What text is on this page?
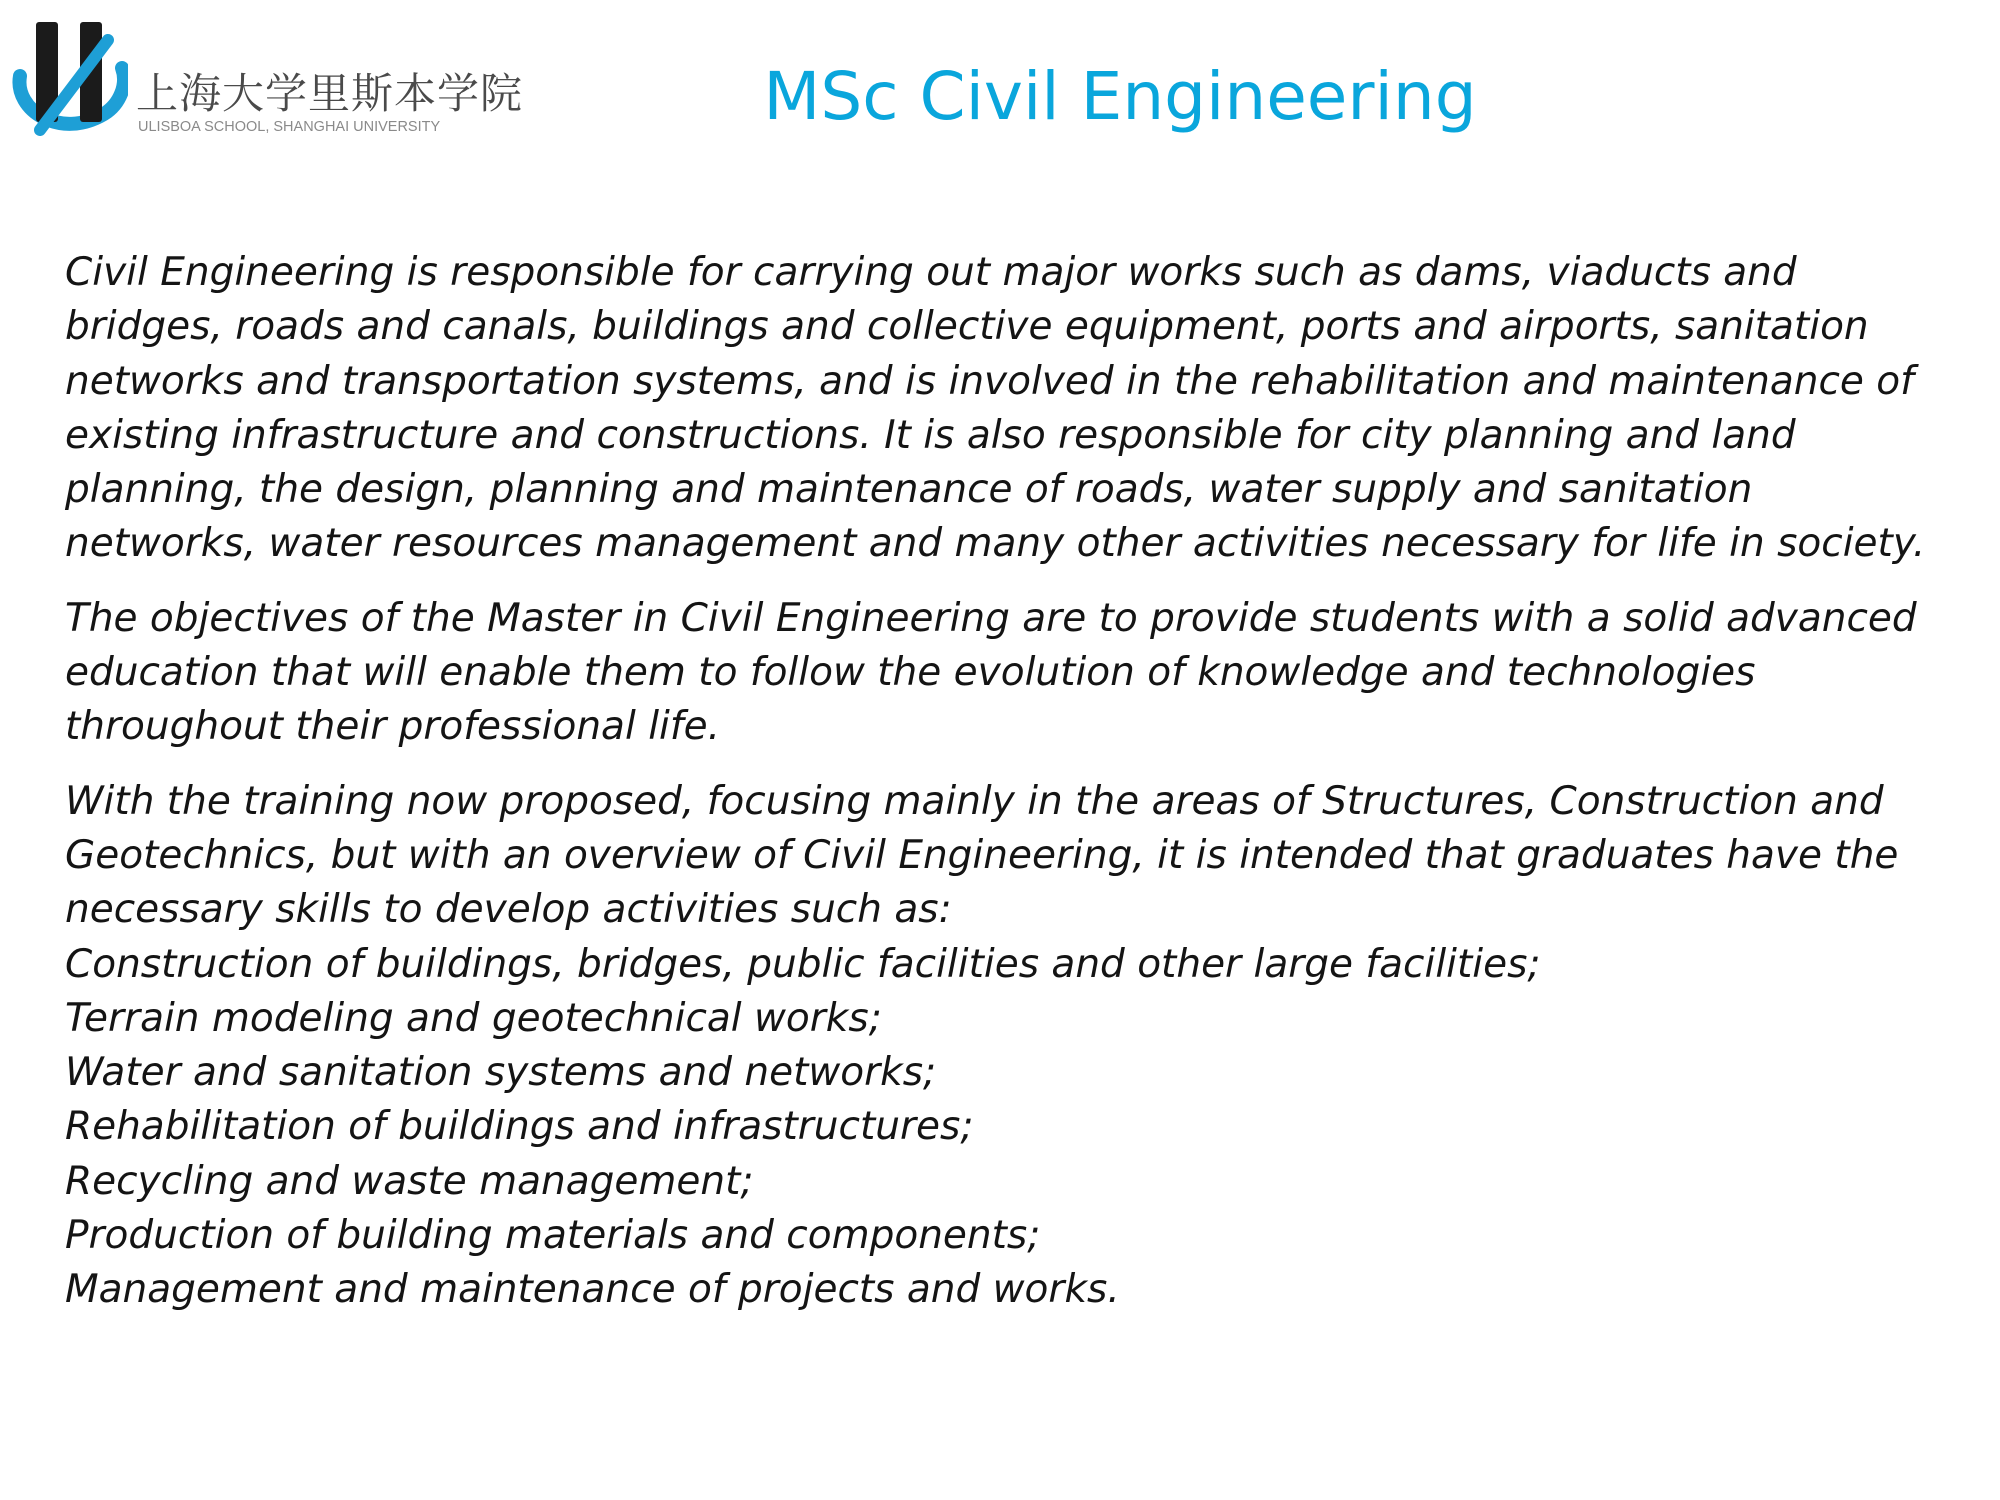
上海大学里斯本学院
ULISBOA SCHOOL, SHANGHAI UNIVERSITY	MSc Civil Engineering

Civil Engineering is responsible for carrying out major works such as dams, viaducts and bridges, roads and canals, buildings and collective equipment, ports and airports, sanitation networks and transportation systems, and is involved in the rehabilitation and maintenance of existing infrastructure and constructions. It is also responsible for city planning and land planning, the design, planning and maintenance of roads, water supply and sanitation networks, water resources management and many other activities necessary for life in society.

The objectives of the Master in Civil Engineering are to provide students with a solid advanced education that will enable them to follow the evolution of knowledge and technologies throughout their professional life.

With the training now proposed, focusing mainly in the areas of Structures, Construction and Geotechnics, but with an overview of Civil Engineering, it is intended that graduates have the necessary skills to develop activities such as:
Construction of buildings, bridges, public facilities and other large facilities;
Terrain modeling and geotechnical works;
Water and sanitation systems and networks;
Rehabilitation of buildings and infrastructures;
Recycling and waste management;
Production of building materials and components;
Management and maintenance of projects and works.
